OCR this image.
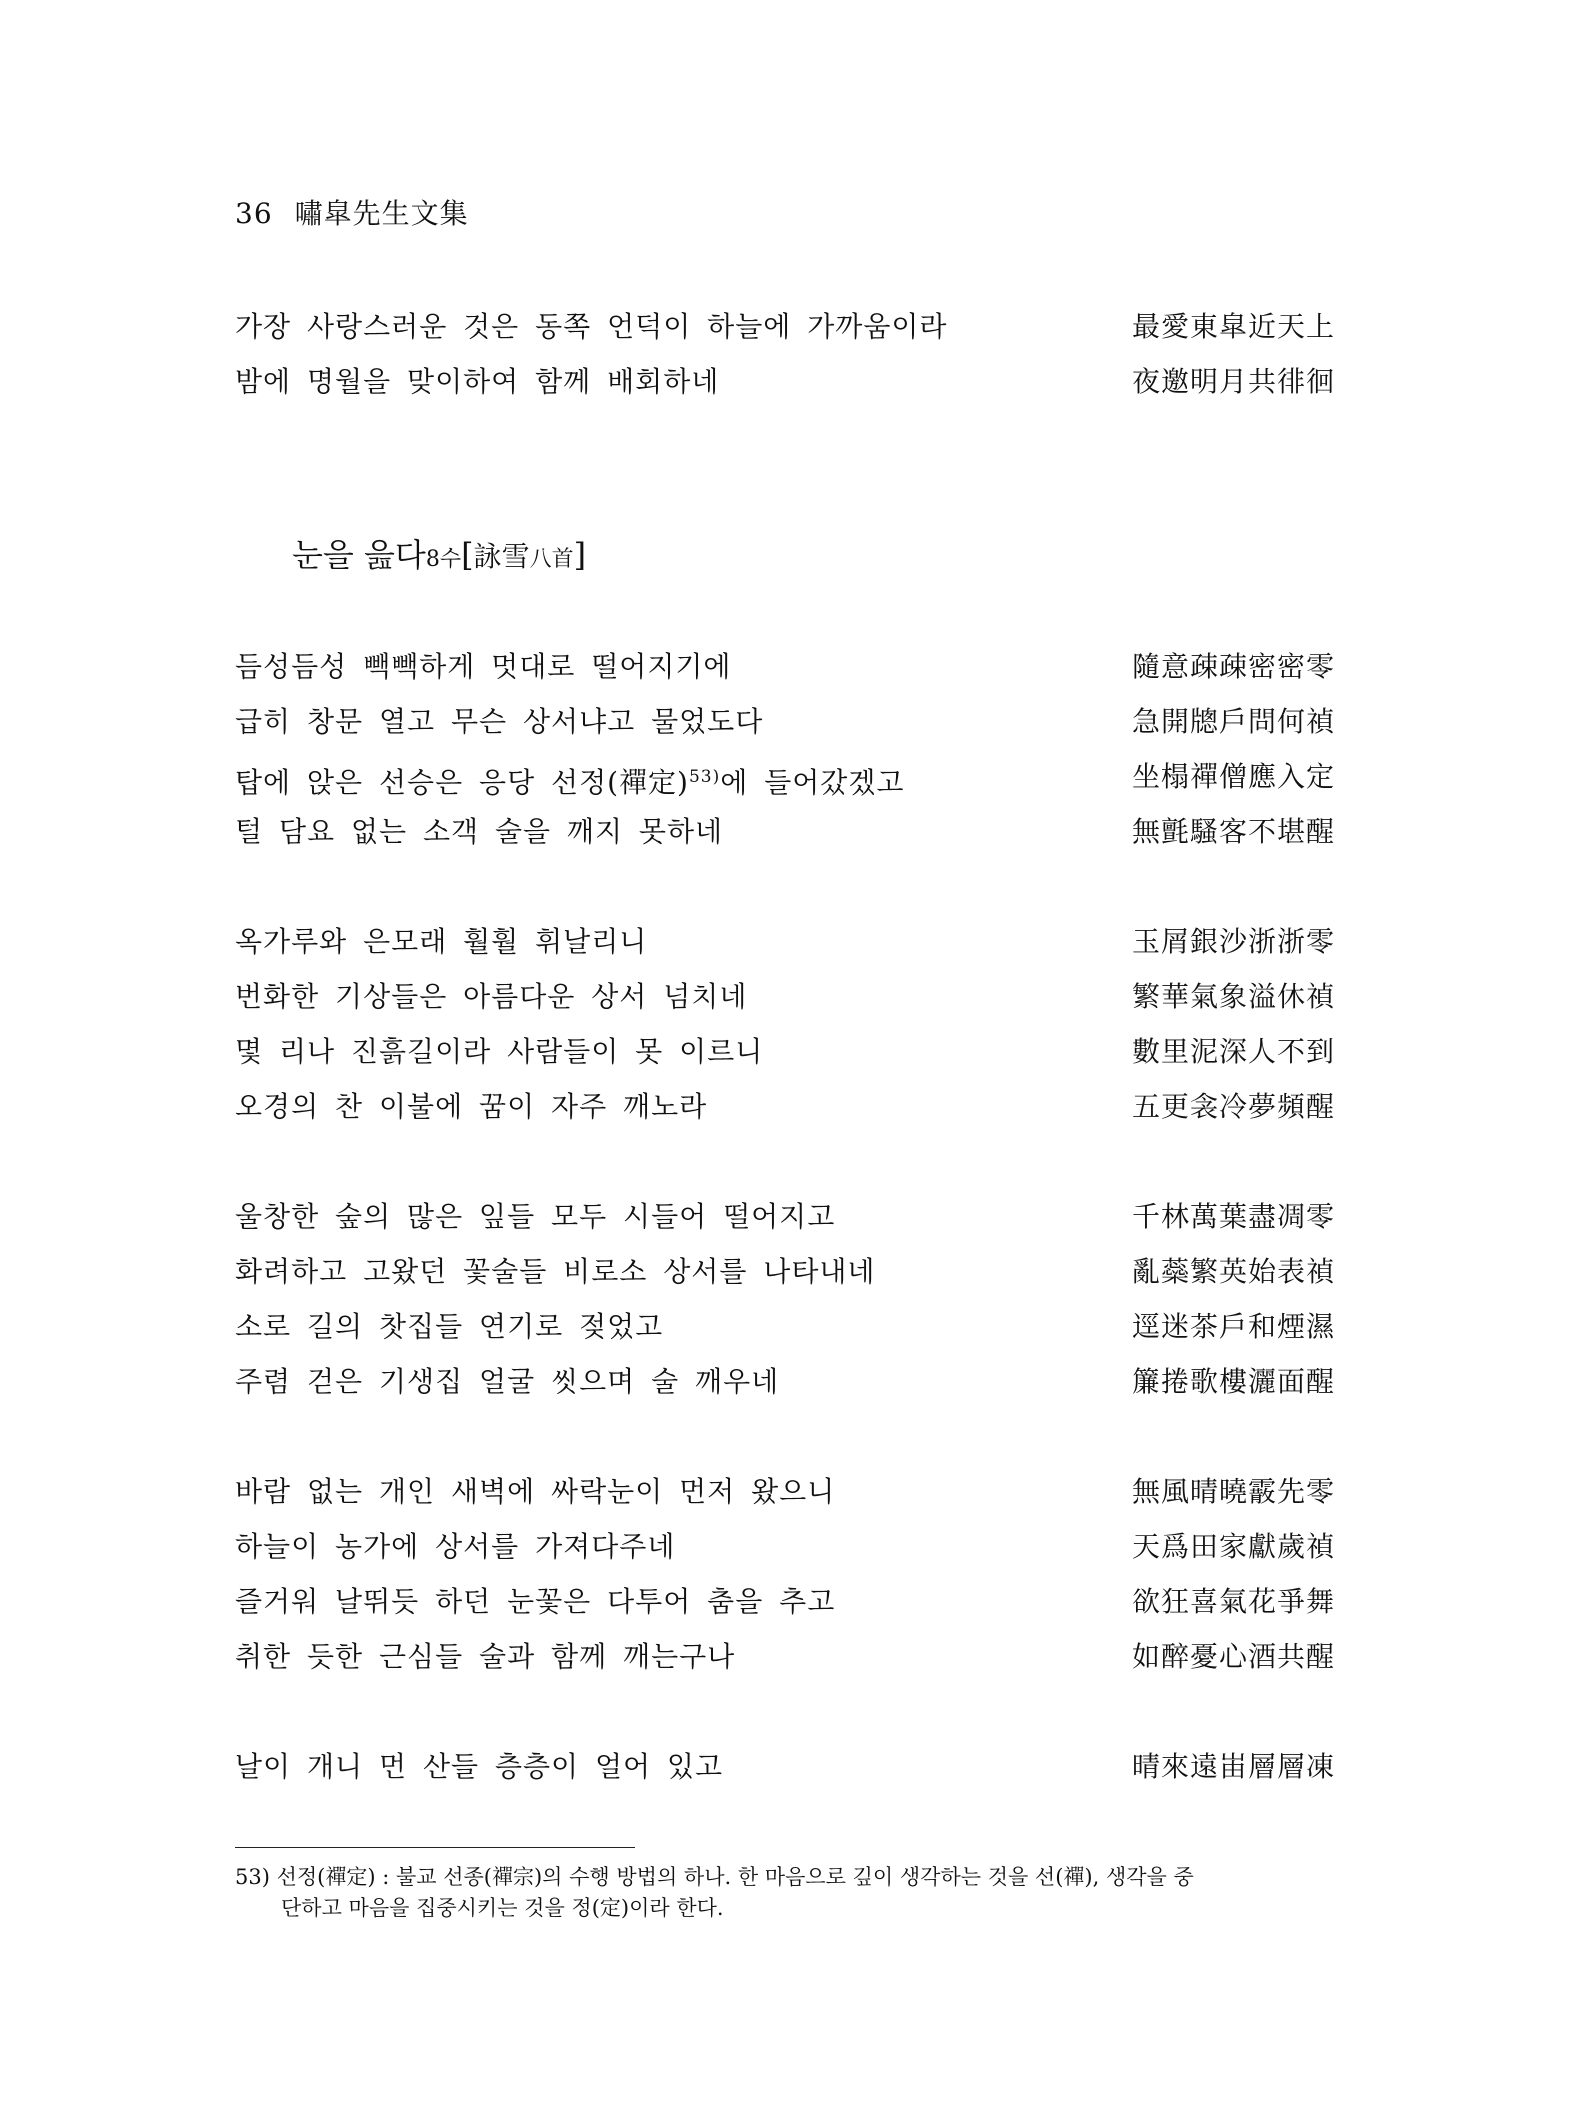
36 嘯皐先生文集
가장 사랑스러운 것은 동쪽 언덕이 하늘에 가까움이라	最愛東皐近天上
밤에 명월을 맞이하여 함께 배회하네	夜邀明月共徘徊
눈을 읊다8수[詠雪八首]
듬성듬성 빽빽하게 멋대로 떨어지기에	隨意疎疎密密零
급히 창문 열고 무슨 상서냐고 물었도다	急開牕戶問何禎
탑에 앉은 선승은 응당 선정(禪定)$^{53)}$에 들어갔겠고	坐榻禪僧應入定
털 담요 없는 소객 술을 깨지 못하네	無氈騷客不堪醒
옥가루와 은모래 훨훨 휘날리니	玉屑銀沙浙浙零
번화한 기상들은 아름다운 상서 넘치네	繁華氣象溢休禎
몇 리나 진흙길이라 사람들이 못 이르니	數里泥深人不到
오경의 찬 이불에 꿈이 자주 깨노라	五更衾冷夢頻醒
울창한 숲의 많은 잎들 모두 시들어 떨어지고	千林萬葉盡凋零
화려하고 고왔던 꽃술들 비로소 상서를 나타내네	亂蘂繁英始表禎
소로 길의 찻집들 연기로 젖었고	逕迷茶戶和煙濕
주렴 걷은 기생집 얼굴 씻으며 술 깨우네	簾捲歌樓灑面醒
바람 없는 개인 새벽에 싸락눈이 먼저 왔으니	無風晴曉霰先零
하늘이 농가에 상서를 가져다주네	天爲田家獻歲禎
즐거워 날뛰듯 하던 눈꽃은 다투어 춤을 추고	欲狂喜氣花爭舞
취한 듯한 근심들 술과 함께 깨는구나	如醉憂心酒共醒
날이 개니 먼 산들 층층이 얼어 있고	晴來遠峀層層凍
53) 선정(禪定) : 불교 선종(禪宗)의 수행 방법의 하나. 한 마음으로 깊이 생각하는 것을 선(禪), 생각을 중
단하고 마음을 집중시키는 것을 정(定)이라 한다.
